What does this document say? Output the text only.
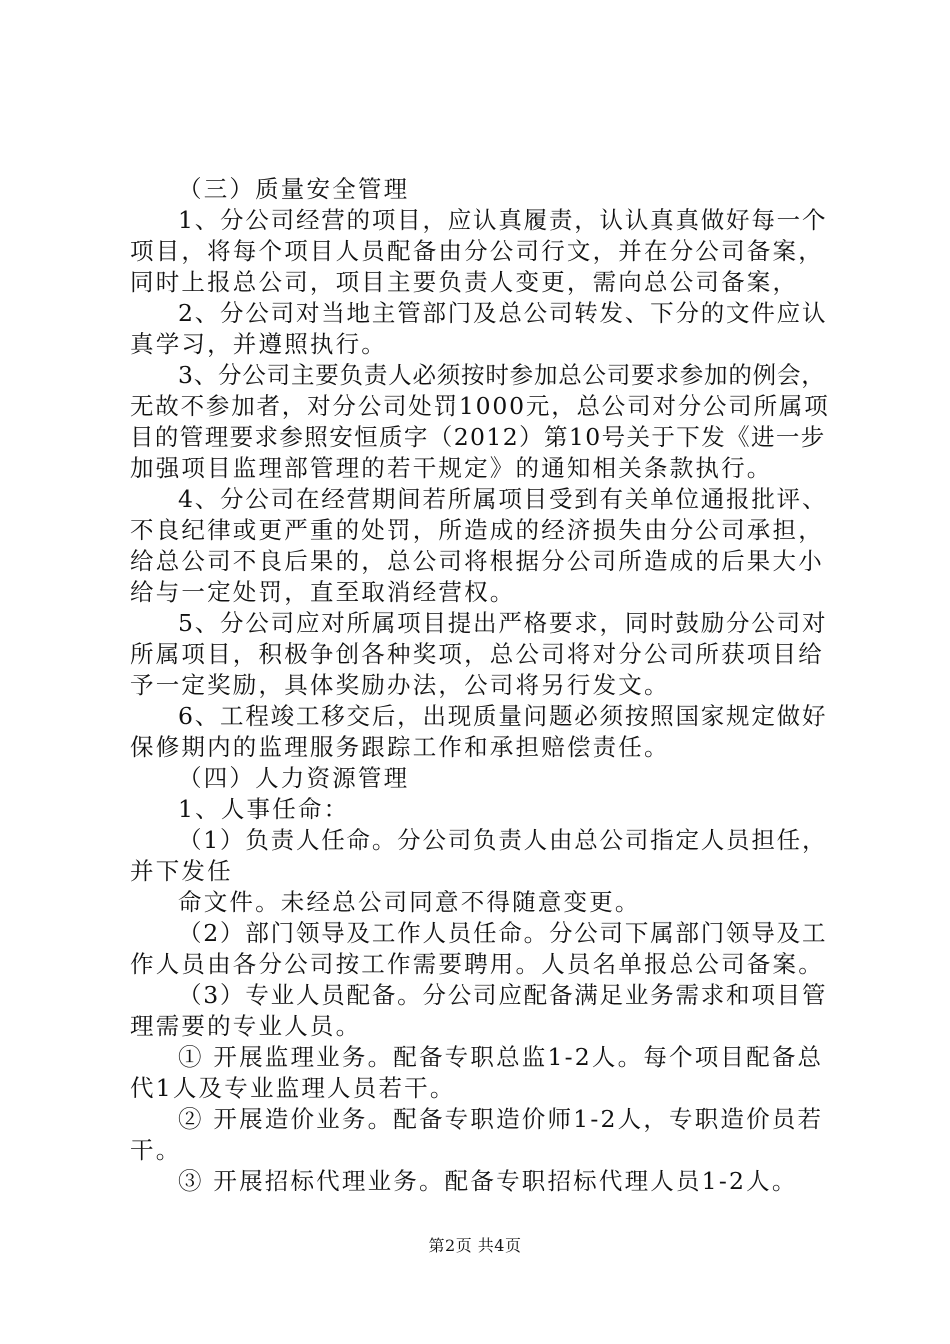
（三）质量安全管理
1、分公司经营的项目，应认真履责，认认真真做好每一个
项目，将每个项目人员配备由分公司行文，并在分公司备案，
同时上报总公司，项目主要负责人变更，需向总公司备案，
2、分公司对当地主管部门及总公司转发、下分的文件应认
真学习，并遵照执行。
3、分公司主要负责人必须按时参加总公司要求参加的例会，
无故不参加者，对分公司处罚1000元，总公司对分公司所属项
目的管理要求参照安恒质字（2012）第10号关于下发《进一步
加强项目监理部管理的若干规定》的通知相关条款执行。
4、分公司在经营期间若所属项目受到有关单位通报批评、
不良纪律或更严重的处罚，所造成的经济损失由分公司承担，
给总公司不良后果的，总公司将根据分公司所造成的后果大小
给与一定处罚，直至取消经营权。
5、分公司应对所属项目提出严格要求，同时鼓励分公司对
所属项目，积极争创各种奖项，总公司将对分公司所获项目给
予一定奖励，具体奖励办法，公司将另行发文。
6、工程竣工移交后，出现质量问题必须按照国家规定做好
保修期内的监理服务跟踪工作和承担赔偿责任。
（四）人力资源管理
1、人事任命：
（1）负责人任命。分公司负责人由总公司指定人员担任，
并下发任
命文件。未经总公司同意不得随意变更。
（2）部门领导及工作人员任命。分公司下属部门领导及工
作人员由各分公司按工作需要聘用。人员名单报总公司备案。
（3）专业人员配备。分公司应配备满足业务需求和项目管
理需要的专业人员。
① 开展监理业务。配备专职总监1-2人。每个项目配备总
代1人及专业监理人员若干。
② 开展造价业务。配备专职造价师1-2人，专职造价员若
干。
③ 开展招标代理业务。配备专职招标代理人员1-2人。
第2页 共4页
